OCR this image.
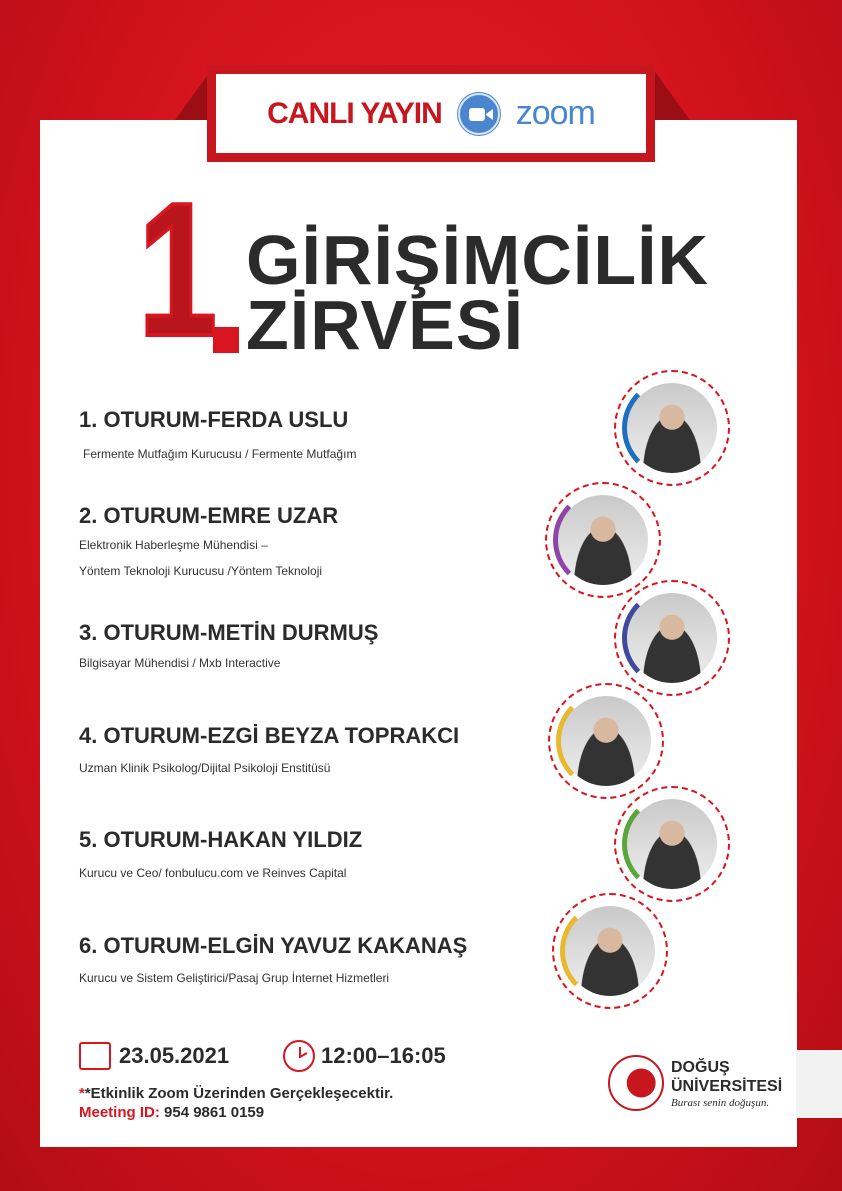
CANLI YAYIN zoom
1 GİRİŞİMCİLİK
ZİRVESİ
1. OTURUM-FERDA USLU
Fermente Mutfağım Kurucusu / Fermente Mutfağım
2. OTURUM-EMRE UZAR
Elektronik Haberleşme Mühendisi –
Yöntem Teknoloji Kurucusu /Yöntem Teknoloji
3. OTURUM-METİN DURMUŞ
Bilgisayar Mühendisi / Mxb Interactive
4. OTURUM-EZGİ BEYZA TOPRAKCI
Uzman Klinik Psikolog/Dijital Psikoloji Enstitüsü
5. OTURUM-HAKAN YILDIZ
Kurucu ve Ceo/ fonbulucu.com ve Reinves Capital
6. OTURUM-ELGİN YAVUZ KAKANAŞ
Kurucu ve Sistem Geliştirici/Pasaj Grup İnternet Hizmetleri
23.05.2021	12:00–16:05
**Etkinlik Zoom Üzerinden Gerçekleşecektir.
Meeting ID: 954 9861 0159
DOĞUŞ
ÜNİVERSİTESİ
Burası senin doğuşun.
